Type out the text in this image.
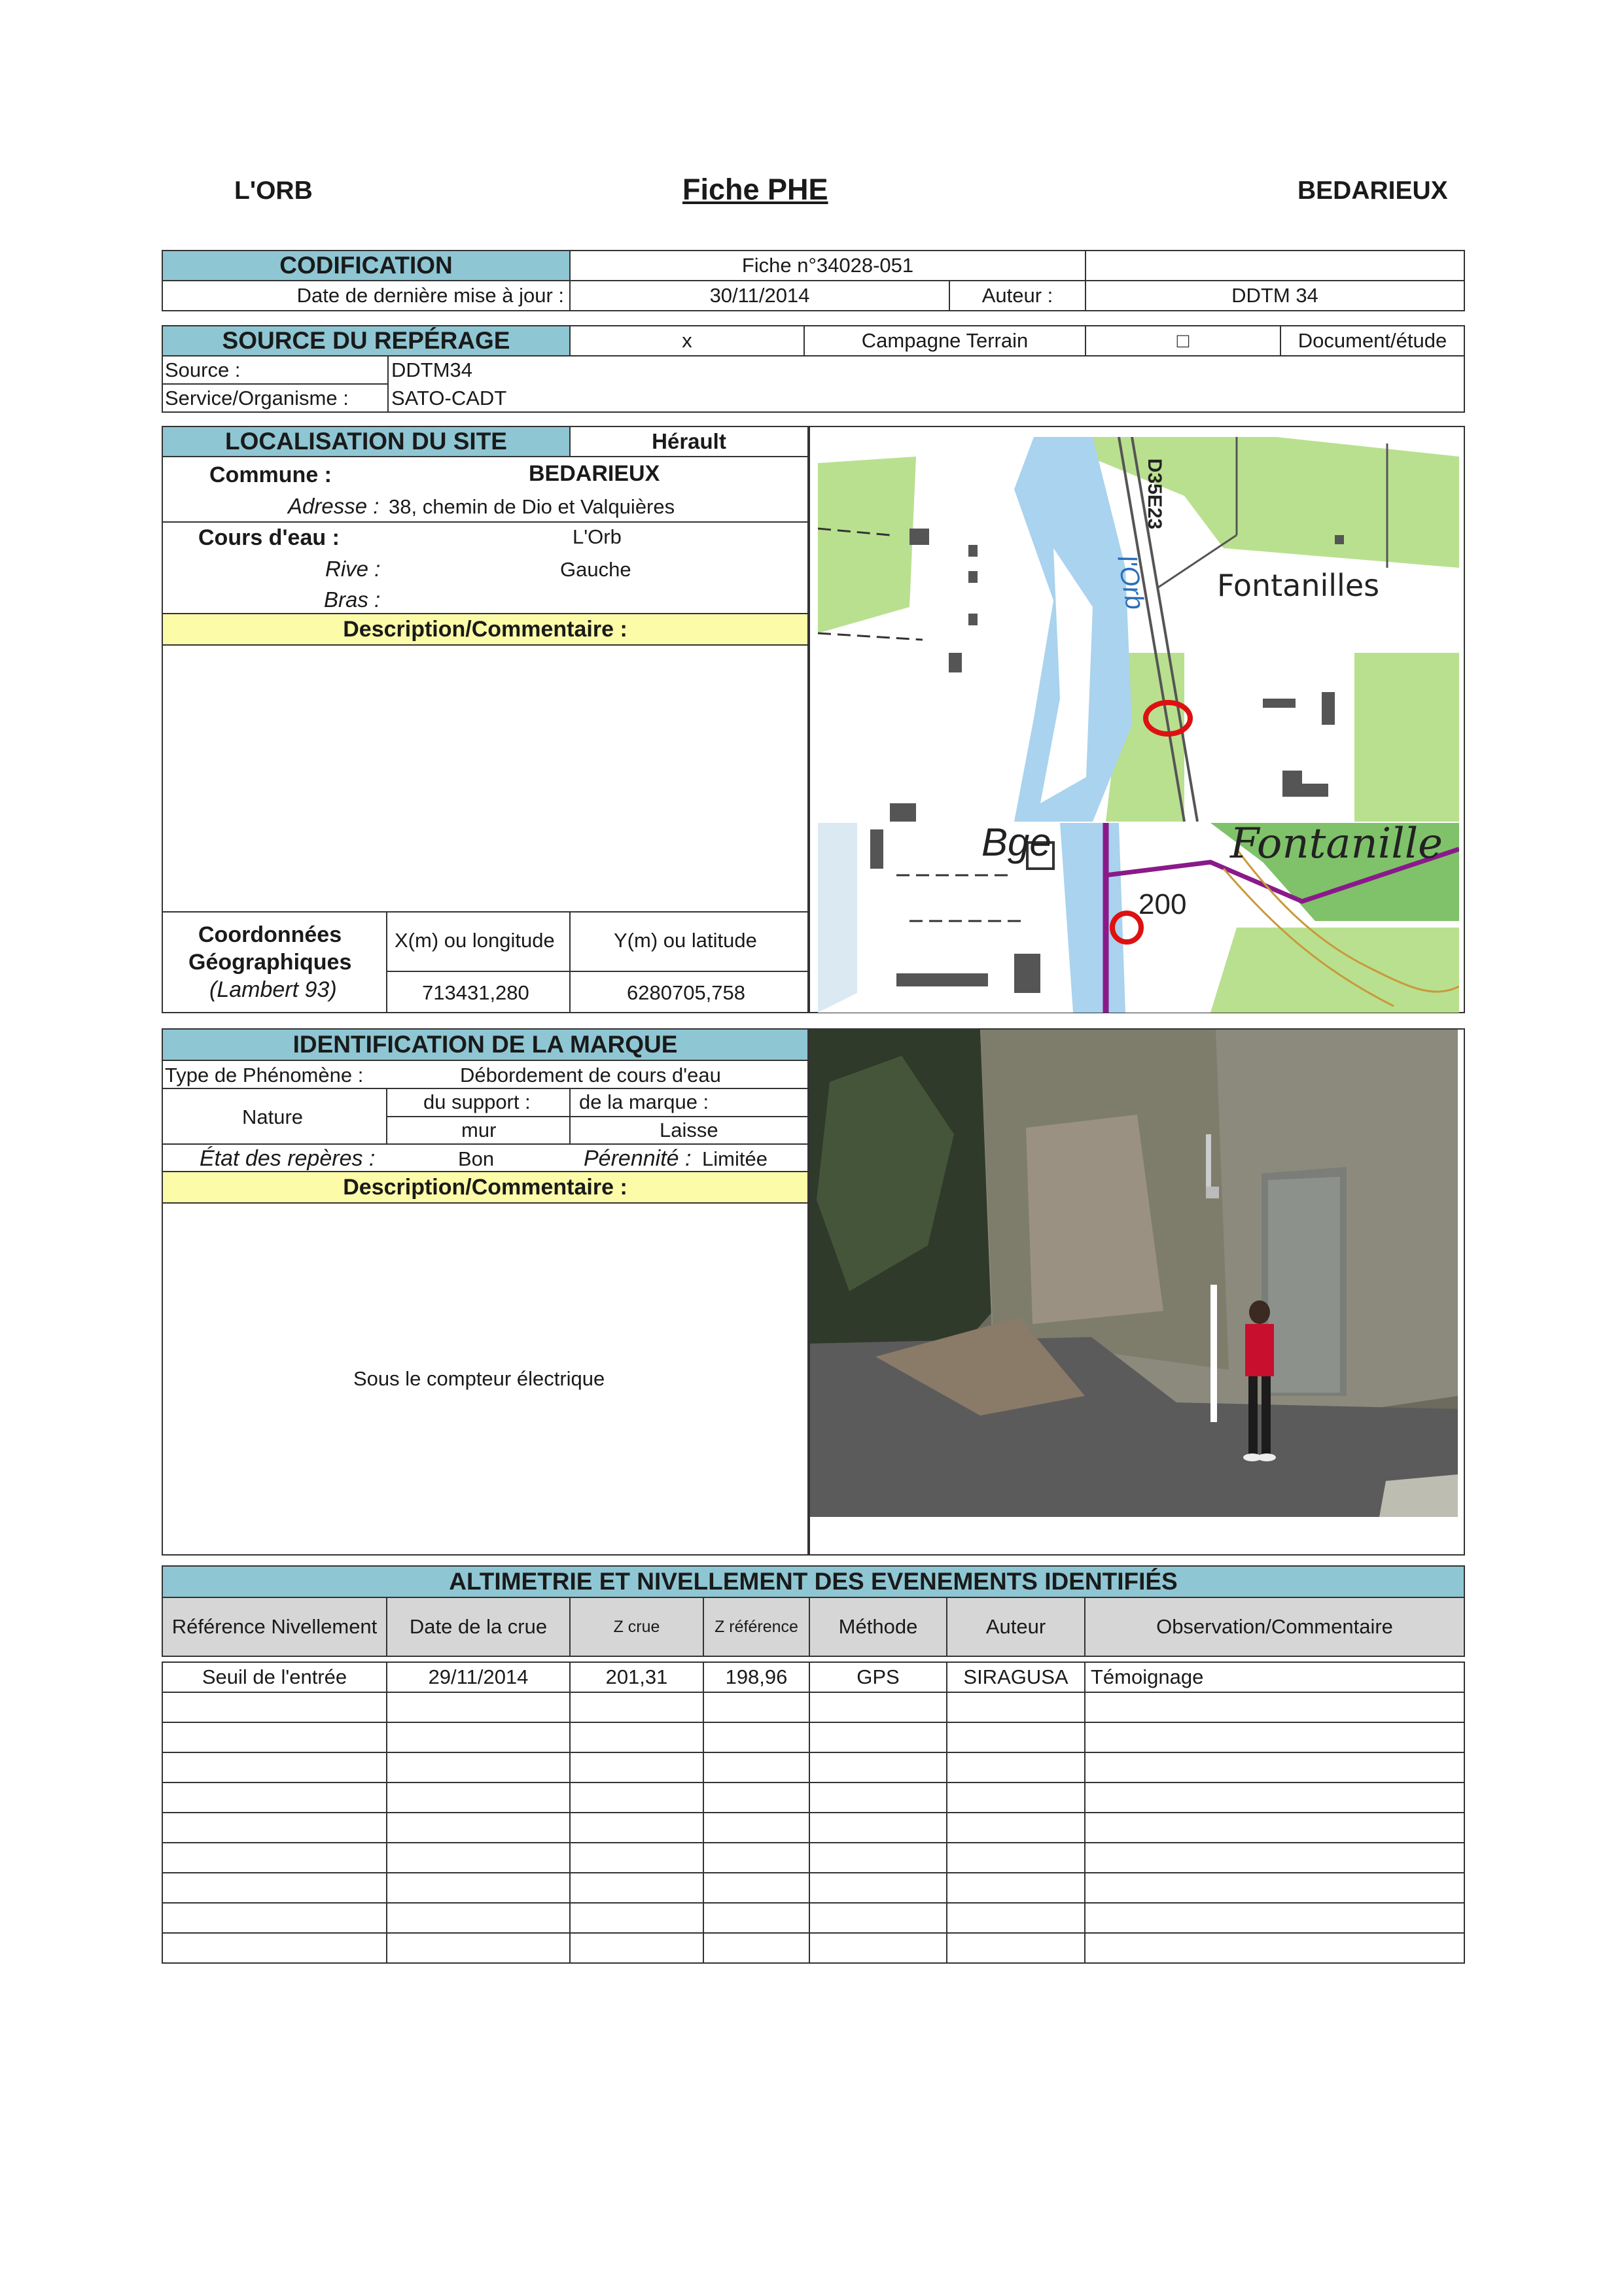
L'ORB	Fiche PHE	BEDARIEUX
CODIFICATION	Fiche n°34028-051
Date de dernière mise à jour :	30/11/2014	Auteur :	DDTM 34
SOURCE DU REPÉRAGE	x	Campagne Terrain	□	Document/étude
Source :	DDTM34
Service/Organisme : SATO-CADT
LOCALISATION DU SITE	Hérault
Commune :	BEDARIEUX
Adresse : 38, chemin de Dio et Valquières
Cours d'eau :	L'Orb
Rive :	Gauche
Bras :
Description/Commentaire :
Coordonnées
Géographiques
(Lambert 93)
X(m) ou longitude	Y(m) ou latitude
713431,280	6280705,758
l'Orb
D35E23
Fontanilles
Bge	Fontanille
200
IDENTIFICATION DE LA MARQUE
Type de Phénomène :	Débordement de cours d'eau
Nature
du support : de la marque :
mur	Laisse
État des repères :	Bon	Pérennité : Limitée
Description/Commentaire :
Sous le compteur électrique
ALTIMETRIE ET NIVELLEMENT DES EVENEMENTS IDENTIFIÉS
Référence Nivellement	Date de la crue	Z crue	Z référence	Méthode	Auteur	Observation/Commentaire
Seuil de l'entrée	29/11/2014	201,31	198,96	GPS	SIRAGUSA	Témoignage
